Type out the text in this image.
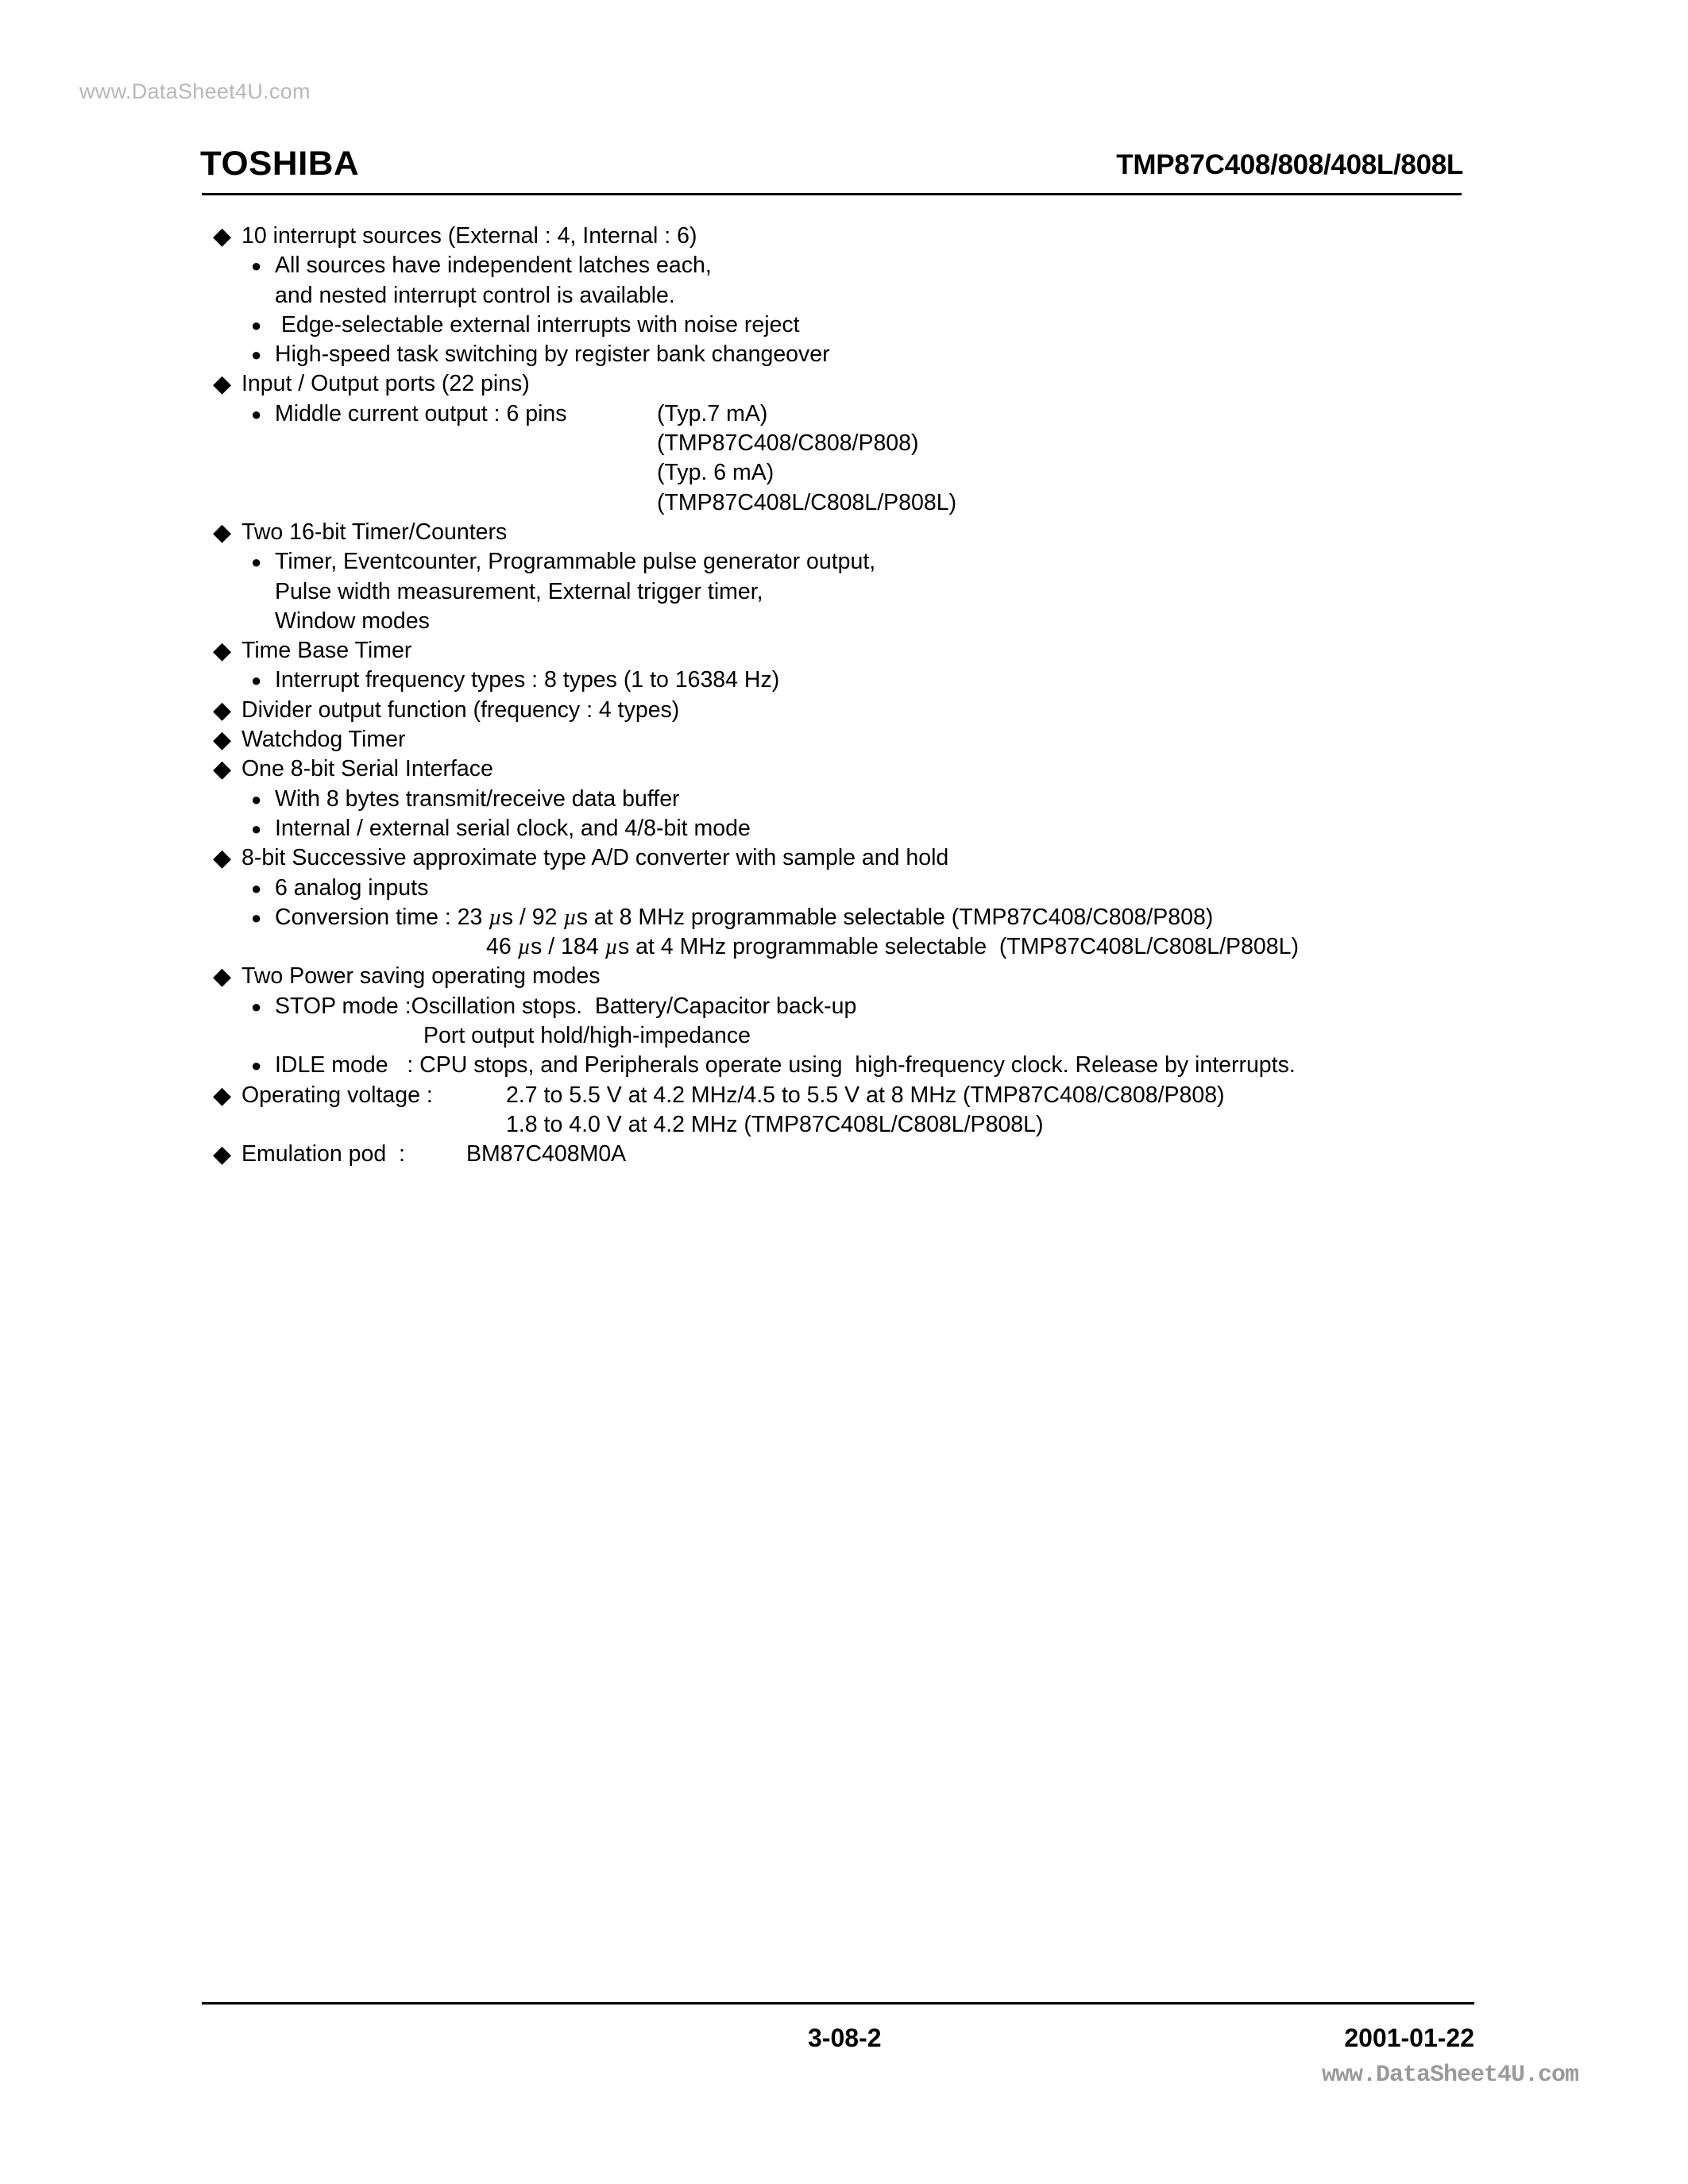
www.DataSheet4U.com
TOSHIBA	TMP87C408/808/408L/808L
◆ 10 interrupt sources (External : 4, Internal : 6)
● All sources have independent latches each,
and nested interrupt control is available.
● Edge-selectable external interrupts with noise reject
● High-speed task switching by register bank changeover
◆ Input / Output ports (22 pins)
● Middle current output : 6 pins	(Typ.7 mA)
(TMP87C408/C808/P808)
(Typ. 6 mA)
(TMP87C408L/C808L/P808L)
◆ Two 16-bit Timer/Counters
● Timer, Eventcounter, Programmable pulse generator output,
Pulse width measurement, External trigger timer,
Window modes
◆ Time Base Timer
● Interrupt frequency types : 8 types (1 to 16384 Hz)
◆ Divider output function (frequency : 4 types)
◆ Watchdog Timer
◆ One 8-bit Serial Interface
● With 8 bytes transmit/receive data buffer
● Internal / external serial clock, and 4/8-bit mode
◆ 8-bit Successive approximate type A/D converter with sample and hold
● 6 analog inputs
● Conversion time : 23 µs / 92 µs at 8 MHz programmable selectable (TMP87C408/C808/P808)
46 µs / 184 µs at 4 MHz programmable selectable  (TMP87C408L/C808L/P808L)
◆ Two Power saving operating modes
● STOP mode :Oscillation stops.  Battery/Capacitor back-up
Port output hold/high-impedance
● IDLE mode   : CPU stops, and Peripherals operate using  high-frequency clock. Release by interrupts.
◆ Operating voltage :	2.7 to 5.5 V at 4.2 MHz/4.5 to 5.5 V at 8 MHz (TMP87C408/C808/P808)
1.8 to 4.0 V at 4.2 MHz (TMP87C408L/C808L/P808L)
◆ Emulation pod  :	BM87C408M0A
3-08-2	2001-01-22
www.DataSheet4U.com
